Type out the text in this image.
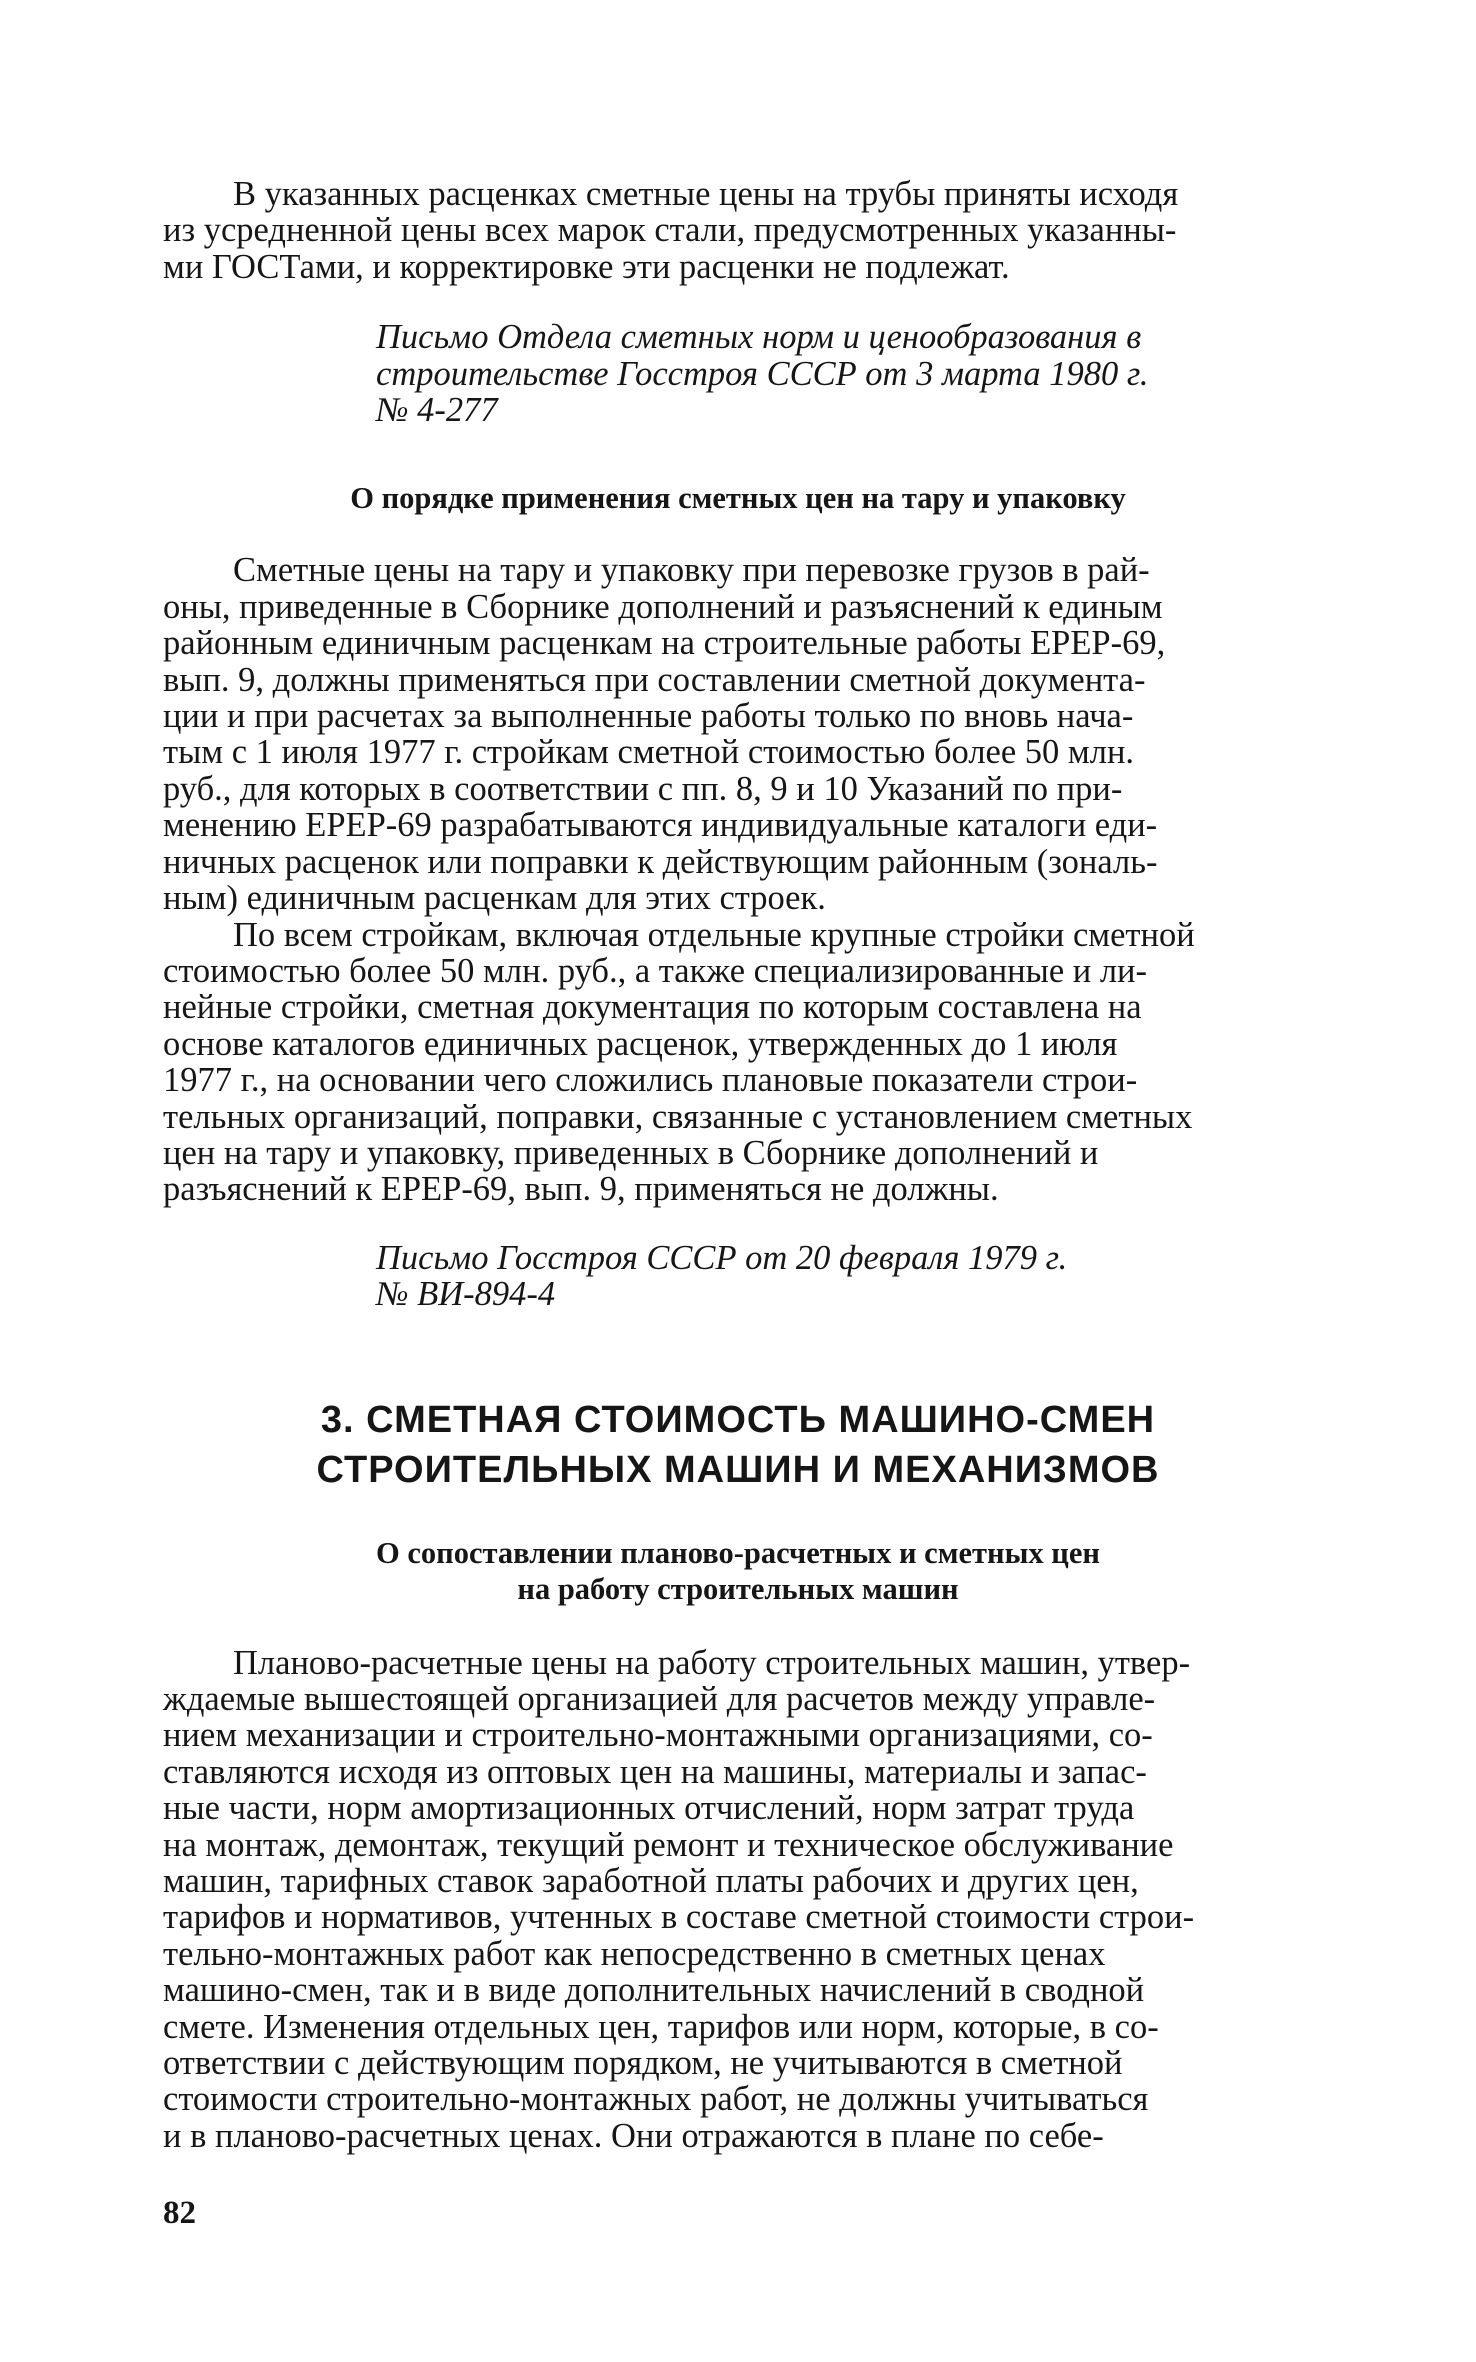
В указанных расценках сметные цены на трубы приняты исходя
из усредненной цены всех марок стали, предусмотренных указанны-
ми ГОСТами, и корректировке эти расценки не подлежат.

Письмо Отдела сметных норм и ценообразования в
строительстве Госстроя СССР от 3 марта 1980 г.
№ 4-277

О порядке применения сметных цен на тару и упаковку

Сметные цены на тару и упаковку при перевозке грузов в рай-
оны, приведенные в Сборнике дополнений и разъяснений к единым
районным единичным расценкам на строительные работы ЕРЕР-69,
вып. 9, должны применяться при составлении сметной документа-
ции и при расчетах за выполненные работы только по вновь нача-
тым с 1 июля 1977 г. стройкам сметной стоимостью более 50 млн.
руб., для которых в соответствии с пп. 8, 9 и 10 Указаний по при-
менению ЕРЕР-69 разрабатываются индивидуальные каталоги еди-
ничных расценок или поправки к действующим районным (зональ-
ным) единичным расценкам для этих строек.

По всем стройкам, включая отдельные крупные стройки сметной
стоимостью более 50 млн. руб., а также специализированные и ли-
нейные стройки, сметная документация по которым составлена на
основе каталогов единичных расценок, утвержденных до 1 июля
1977 г., на основании чего сложились плановые показатели строи-
тельных организаций, поправки, связанные с установлением сметных
цен на тару и упаковку, приведенных в Сборнике дополнений и
разъяснений к ЕРЕР-69, вып. 9, применяться не должны.

Письмо Госстроя СССР от 20 февраля 1979 г.
№ ВИ-894-4

3. СМЕТНАЯ СТОИМОСТЬ МАШИНО-СМЕН
СТРОИТЕЛЬНЫХ МАШИН И МЕХАНИЗМОВ
О сопоставлении планово-расчетных и сметных цен
на работу строительных машин

Планово-расчетные цены на работу строительных машин, утвер-
ждаемые вышестоящей организацией для расчетов между управле-
нием механизации и строительно-монтажными организациями, со-
ставляются исходя из оптовых цен на машины, материалы и запас-
ные части, норм амортизационных отчислений, норм затрат труда
на монтаж, демонтаж, текущий ремонт и техническое обслуживание
машин, тарифных ставок заработной платы рабочих и других цен,
тарифов и нормативов, учтенных в составе сметной стоимости строи-
тельно-монтажных работ как непосредственно в сметных ценах
машино-смен, так и в виде дополнительных начислений в сводной
смете. Изменения отдельных цен, тарифов или норм, которые, в со-
ответствии с действующим порядком, не учитываются в сметной
стоимости строительно-монтажных работ, не должны учитываться
и в планово-расчетных ценах. Они отражаются в плане по себе-

82
